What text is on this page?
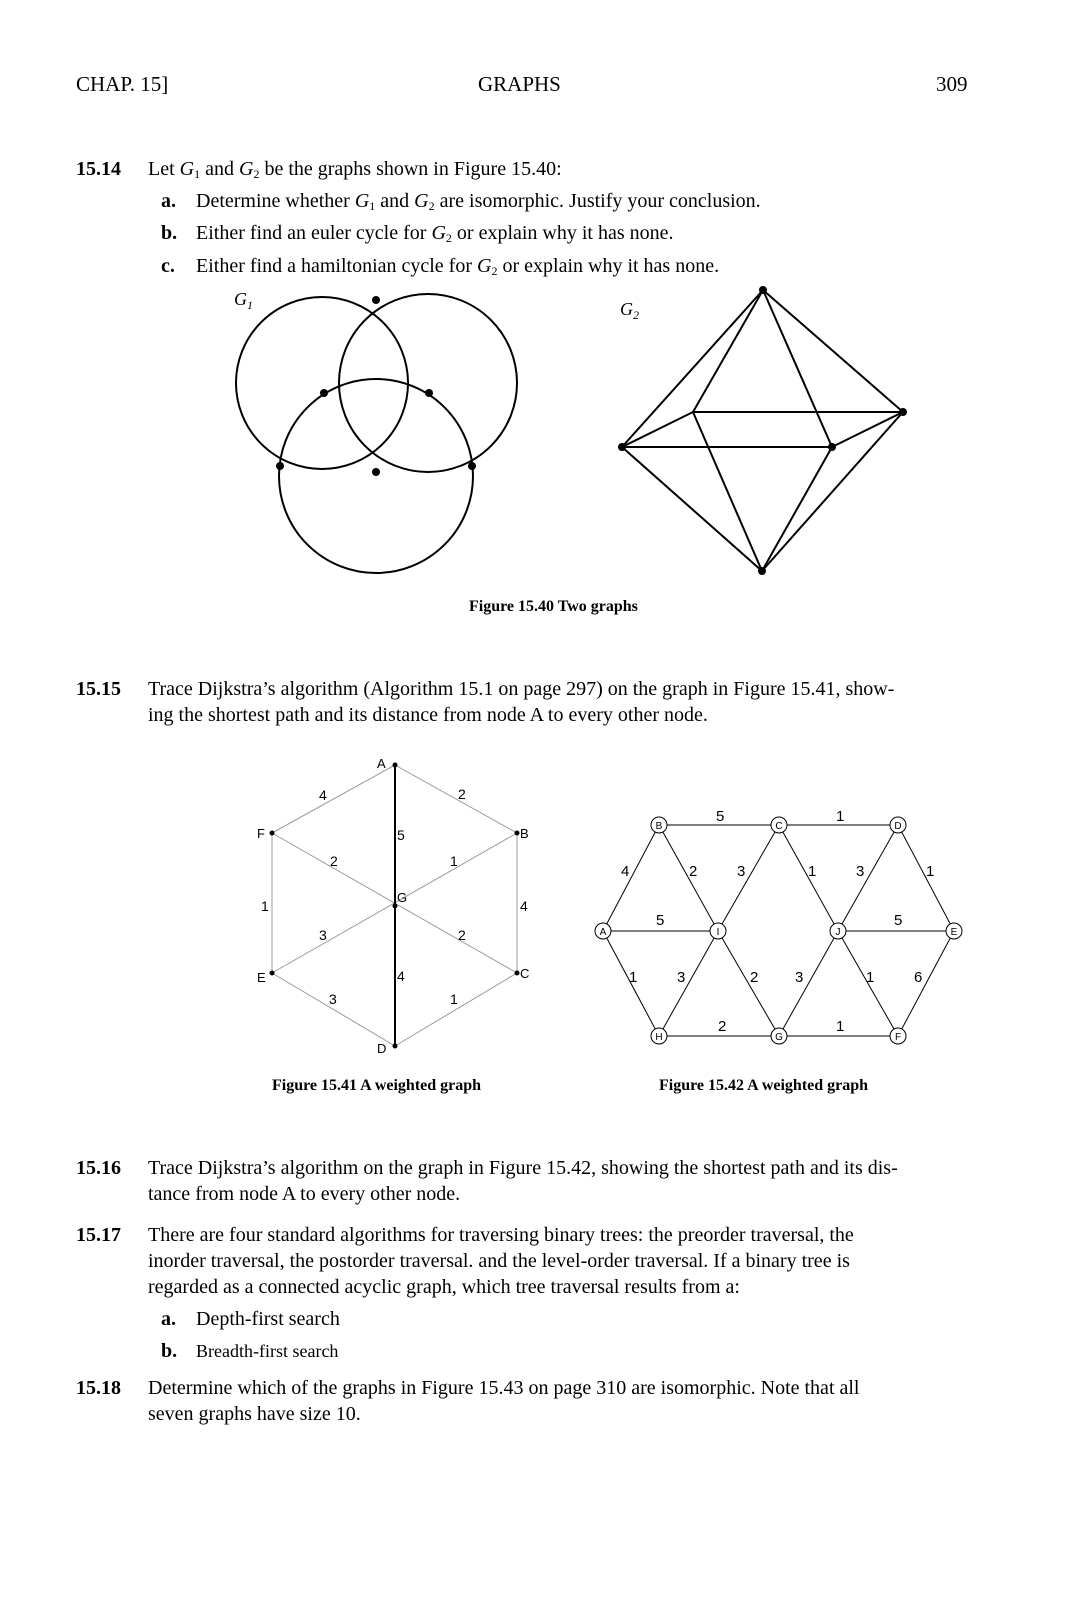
CHAP. 15]	GRAPHS	309
15.14 Let $G_1$ and $G_2$ be the graphs shown in Figure 15.40:
a. Determine whether $G_1$ and $G_2$ are isomorphic. Justify your conclusion.
b. Either find an euler cycle for $G_2$ or explain why it has none.
c. Either find a hamiltonian cycle for $G_2$ or explain why it has none.
$G_1$	$G_2$
Figure 15.40 Two graphs
15.15 Trace Dijkstra’s algorithm (Algorithm 15.1 on page 297) on the graph in Figure 15.41, show-
ing the shortest path and its distance from node A to every other node.
A
B
C
D
E
F
G
2
4
5
4
1
2
1
4
3
3
1
2
Figure 15.41 A weighted graph
A
B	C	D
E
F
G
H
I	J
5	1
4	2	3	1	3	1
5	5
1	3	2 3	1	6
2	1
Figure 15.42 A weighted graph
15.16 Trace Dijkstra’s algorithm on the graph in Figure 15.42, showing the shortest path and its dis-
tance from node A to every other node.
15.17 There are four standard algorithms for traversing binary trees: the preorder traversal, the
inorder traversal, the postorder traversal. and the level-order traversal. If a binary tree is
regarded as a connected acyclic graph, which tree traversal results from a:
a. Depth-first search
b. Breadth-first search
15.18 Determine which of the graphs in Figure 15.43 on page 310 are isomorphic. Note that all
seven graphs have size 10.
